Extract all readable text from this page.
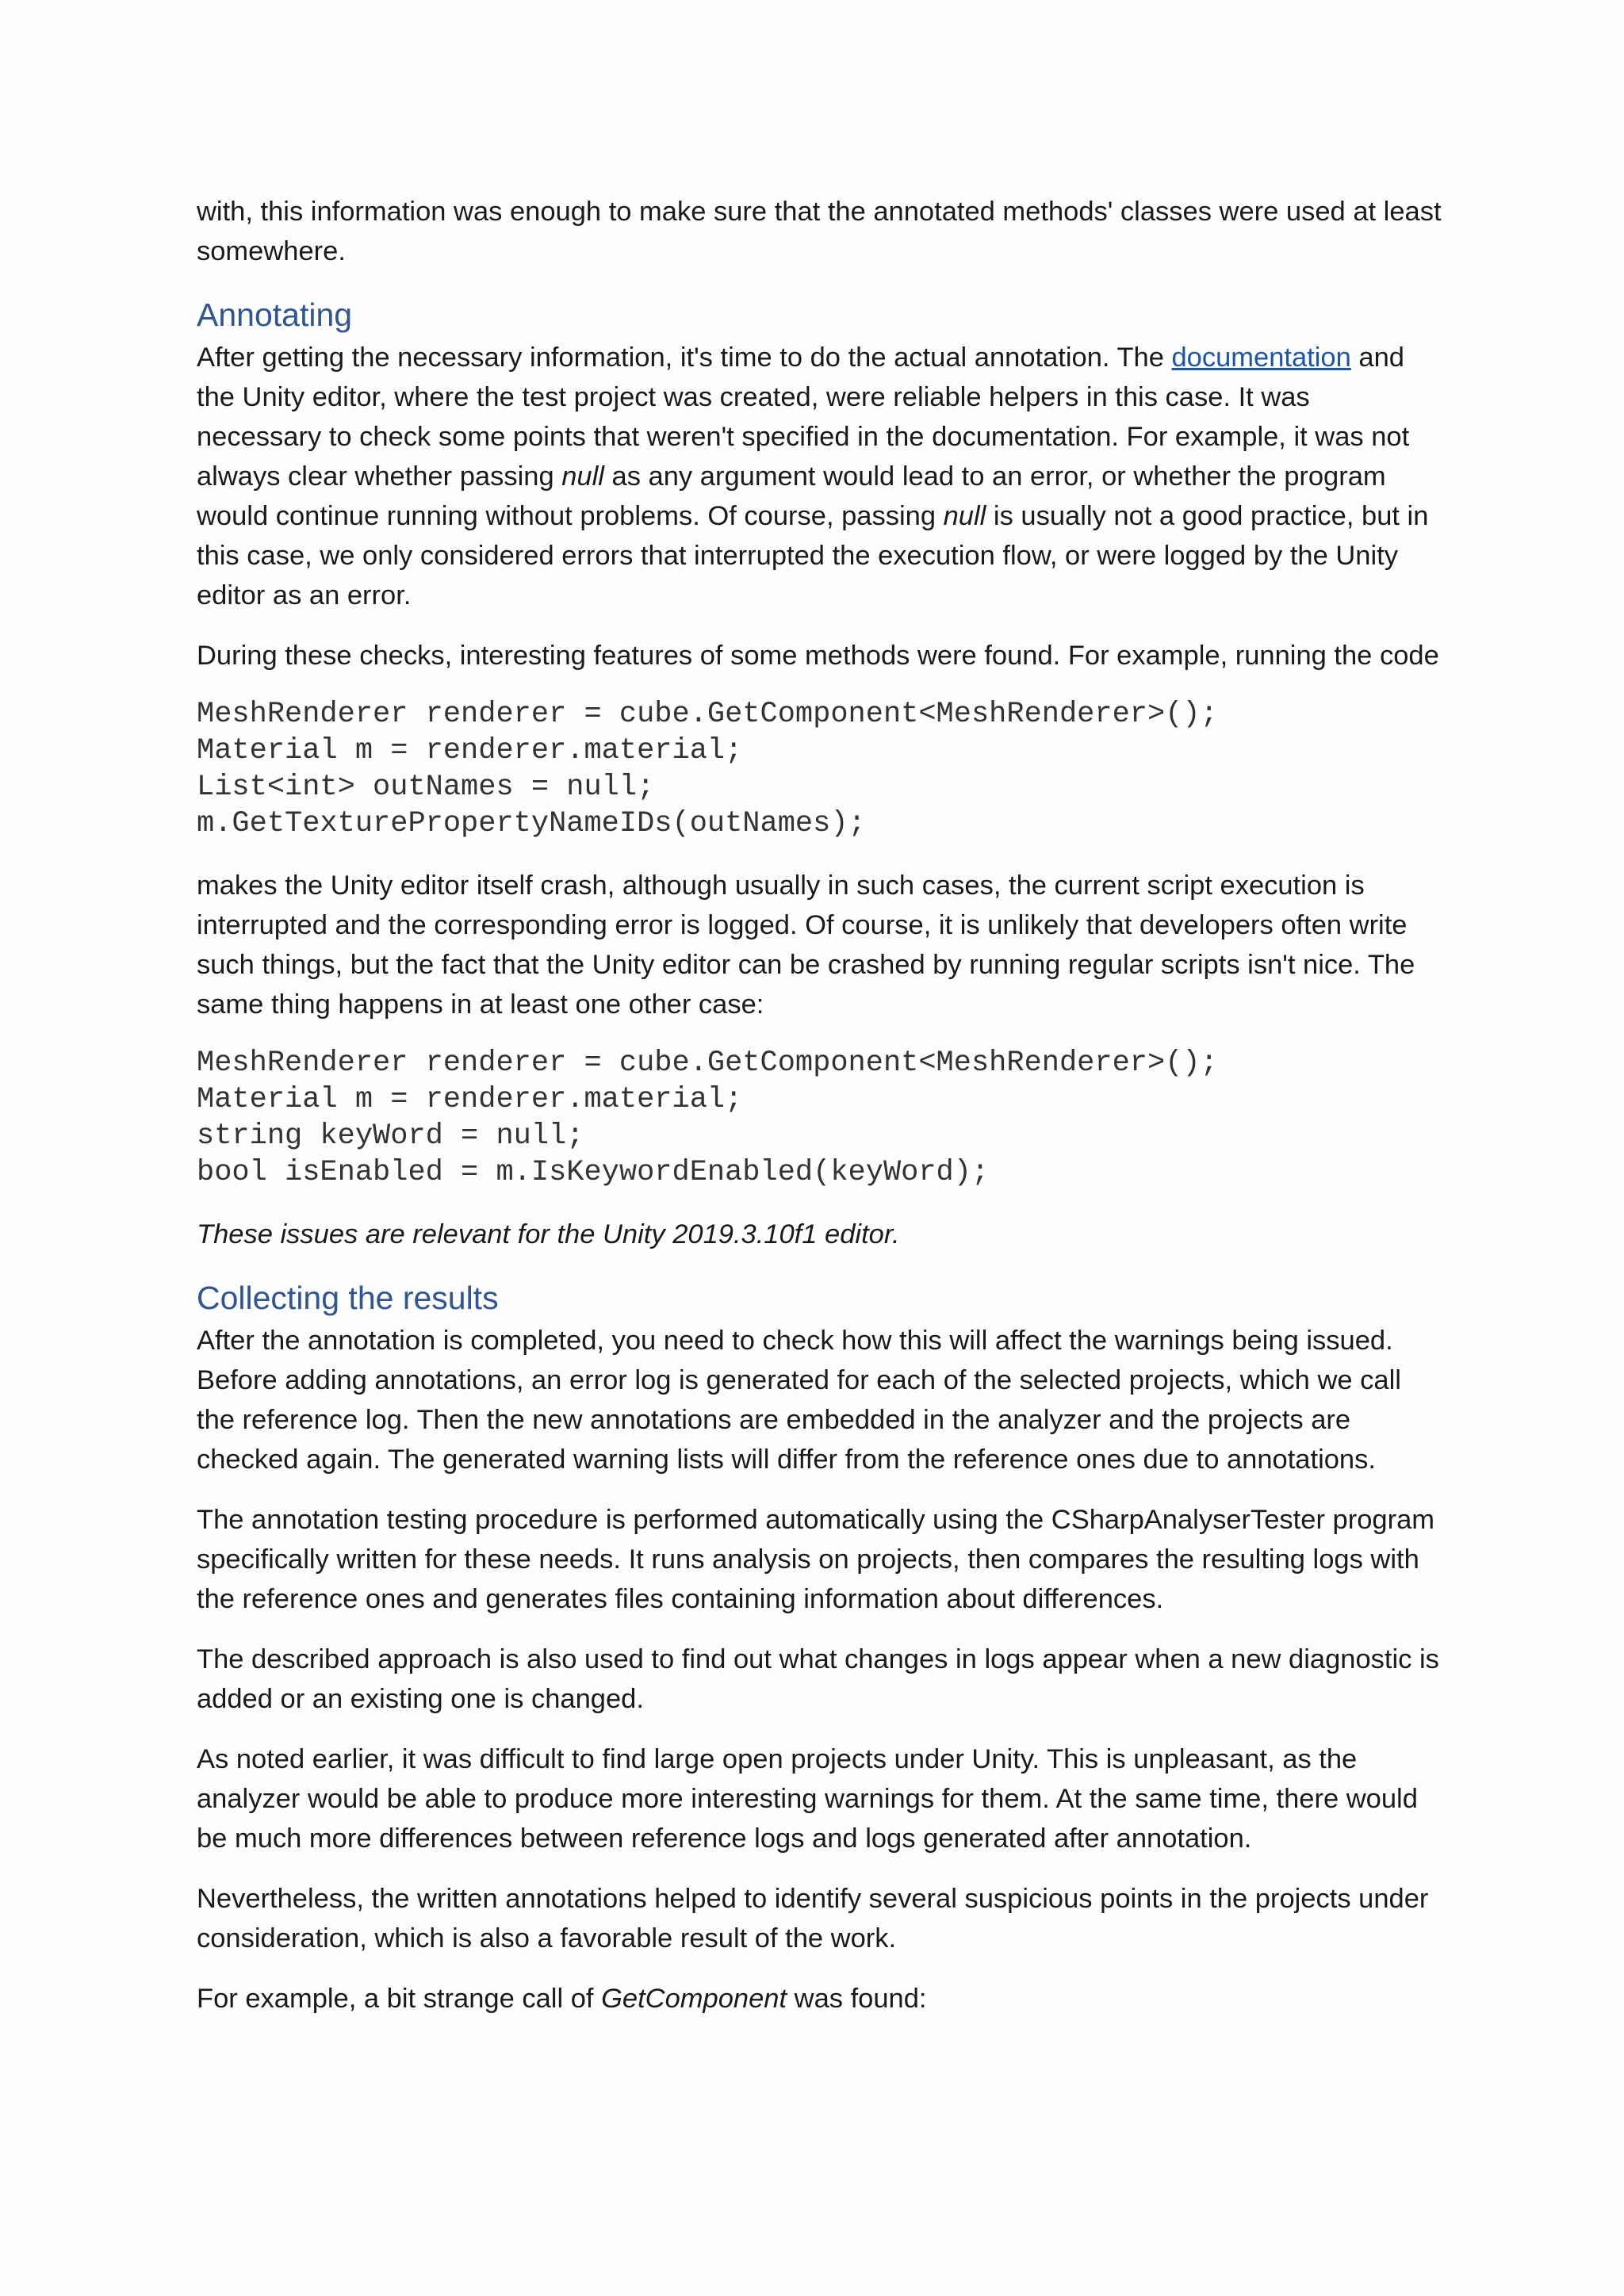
with, this information was enough to make sure that the annotated methods' classes were used at least somewhere.

Annotating

After getting the necessary information, it's time to do the actual annotation. The documentation and the Unity editor, where the test project was created, were reliable helpers in this case. It was necessary to check some points that weren't specified in the documentation. For example, it was not always clear whether passing null as any argument would lead to an error, or whether the program would continue running without problems. Of course, passing null is usually not a good practice, but in this case, we only considered errors that interrupted the execution flow, or were logged by the Unity editor as an error.

During these checks, interesting features of some methods were found. For example, running the code

MeshRenderer renderer = cube.GetComponent<MeshRenderer>();
Material m = renderer.material;
List<int> outNames = null;
m.GetTexturePropertyNameIDs(outNames);

makes the Unity editor itself crash, although usually in such cases, the current script execution is interrupted and the corresponding error is logged. Of course, it is unlikely that developers often write such things, but the fact that the Unity editor can be crashed by running regular scripts isn't nice. The same thing happens in at least one other case:

MeshRenderer renderer = cube.GetComponent<MeshRenderer>();
Material m = renderer.material;
string keyWord = null;
bool isEnabled = m.IsKeywordEnabled(keyWord);

These issues are relevant for the Unity 2019.3.10f1 editor.

Collecting the results

After the annotation is completed, you need to check how this will affect the warnings being issued. Before adding annotations, an error log is generated for each of the selected projects, which we call the reference log. Then the new annotations are embedded in the analyzer and the projects are checked again. The generated warning lists will differ from the reference ones due to annotations.

The annotation testing procedure is performed automatically using the CSharpAnalyserTester program specifically written for these needs. It runs analysis on projects, then compares the resulting logs with the reference ones and generates files containing information about differences.

The described approach is also used to find out what changes in logs appear when a new diagnostic is added or an existing one is changed.

As noted earlier, it was difficult to find large open projects under Unity. This is unpleasant, as the analyzer would be able to produce more interesting warnings for them. At the same time, there would be much more differences between reference logs and logs generated after annotation.

Nevertheless, the written annotations helped to identify several suspicious points in the projects under consideration, which is also a favorable result of the work.

For example, a bit strange call of GetComponent was found:
